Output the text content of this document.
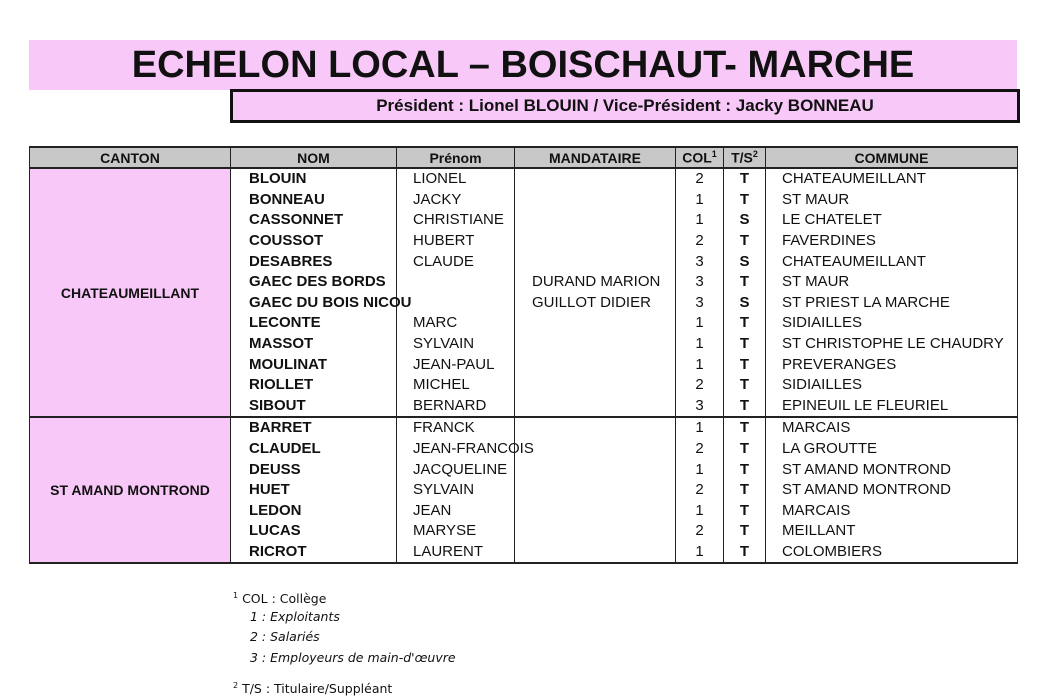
ECHELON LOCAL – BOISCHAUT- MARCHE
Président : Lionel BLOUIN / Vice-Président : Jacky BONNEAU
CANTON	NOM	Prénom	MANDATAIRE	COL$^1$	$T/S^2$	COMMUNE
CHATEAUMEILLANT	BLOUIN	LIONEL		2	T	CHATEAUMEILLANT
	BONNEAU	JACKY		1	T	ST MAUR
	CASSONNET	CHRISTIANE		1	S	LE CHATELET
	COUSSOT	HUBERT		2	T	FAVERDINES
	DESABRES	CLAUDE		3	S	CHATEAUMEILLANT
	GAEC DES BORDS		DURAND MARION	3	T	ST MAUR
	GAEC DU BOIS NICOU		GUILLOT DIDIER	3	S	ST PRIEST LA MARCHE
	LECONTE	MARC		1	T	SIDIAILLES
	MASSOT	SYLVAIN		1	T	ST CHRISTOPHE LE CHAUDRY
	MOULINAT	JEAN-PAUL		1	T	PREVERANGES
	RIOLLET	MICHEL		2	T	SIDIAILLES
	SIBOUT	BERNARD		3	T	EPINEUIL LE FLEURIEL
ST AMAND MONTROND	BARRET	FRANCK		1	T	MARCAIS
	CLAUDEL	JEAN-FRANCOIS		2	T	LA GROUTTE
	DEUSS	JACQUELINE		1	T	ST AMAND MONTROND
	HUET	SYLVAIN		2	T	ST AMAND MONTROND
	LEDON	JEAN		1	T	MARCAIS
	LUCAS	MARYSE		2	T	MEILLANT
	RICROT	LAURENT		1	T	COLOMBIERS
$^1$ COL : Collège
1 : Exploitants
2 : Salariés
3 : Employeurs de main-d'œuvre
$^2$ T/S : Titulaire/Suppléant
